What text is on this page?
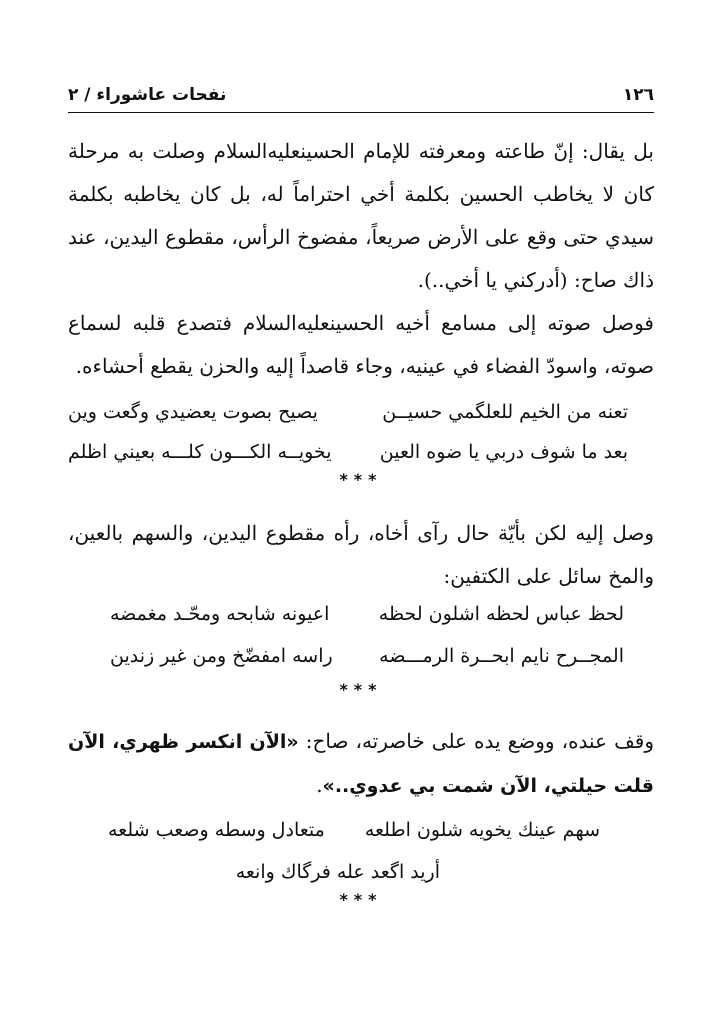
١٢٦
نفحات عاشوراء / ٢
بل يقال: إنّ طاعته ومعرفته للإمام الحسينعليه‌السلام وصلت به مرحلة كان لا يخاطب الحسين بكلمة أخي احتراماً له، بل كان يخاطبه بكلمة سيدي حتى وقع على الأرض صريعاً، مفضوخ الرأس، مقطوع اليدين، عند ذاك صاح: (أدركني يا أخي..).
فوصل صوته إلى مسامع أخيه الحسينعليه‌السلام فتصدع قلبه لسماع صوته، واسودّ الفضاء في عينيه، وجاء قاصداً إليه والحزن يقطع أحشاءه.
تعنه من الخيم للعلگمي حسيــن
يصيح بصوت يعضيدي وگعت وين
بعد ما شوف دربي يا ضوه العين
يخويــه الكـــون كلـــه بعيني اظلم
***
وصل إليه لكن بأيّة حال رآى أخاه، رأه مقطوع اليدين، والسهم بالعين، والمخ سائل على الكتفين:
لحظ عباس لحظه اشلون لحظه
اعيونه شابحه ومحّـد مغمضه
المجــرح نايم ابحــرة الرمـــضه
راسه امفضّخ ومن غير زندين
***
وقف عنده، ووضع يده على خاصرته، صاح: «الآن انكسر ظهري، الآن قلت حيلتي، الآن شمت بي عدوي..».
سهم عينك يخويه شلون اطلعه
متعادل وسطه وصعب شلعه
أريد اگعد عله فرگاك وانعه
***
